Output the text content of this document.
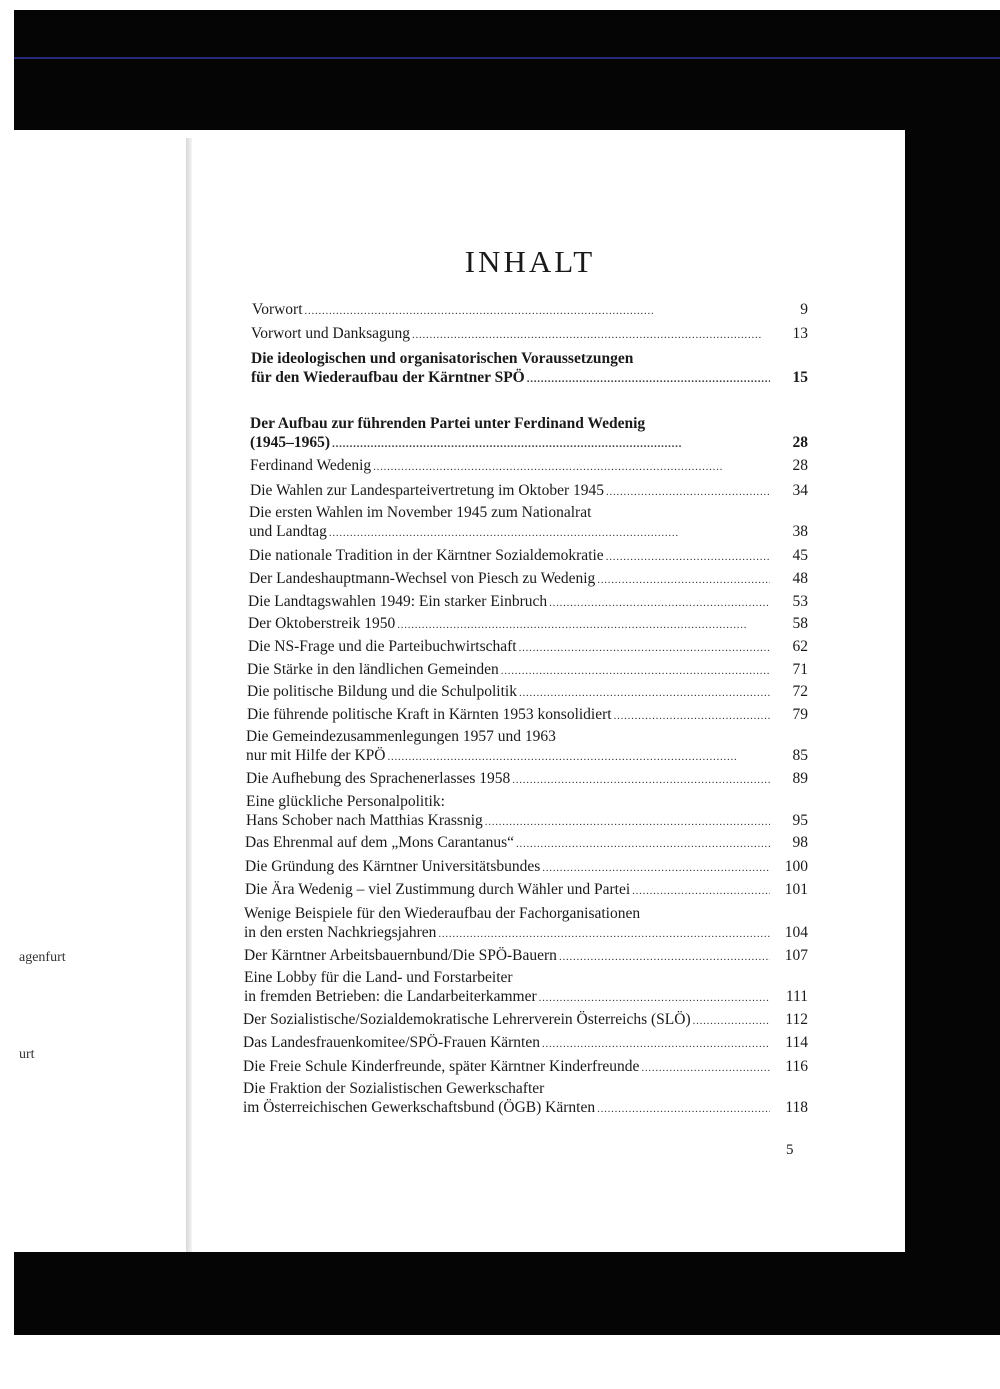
agenfurt
urt
INHALT
Vorwort . . .	9
Vorwort und Danksagung . . .	13
Die ideologischen und organisatorischen Voraussetzungen
für den Wiederaufbau der Kärntner SPÖ . . .	15
Der Aufbau zur führenden Partei unter Ferdinand Wedenig
(1945–1965) . . .	28
Ferdinand Wedenig . . .	28
Die Wahlen zur Landesparteivertretung im Oktober 1945 . . .	34
Die ersten Wahlen im November 1945 zum Nationalrat
und Landtag . . .	38
Die nationale Tradition in der Kärntner Sozialdemokratie . . .	45
Der Landeshauptmann-Wechsel von Piesch zu Wedenig . . .	48
Die Landtagswahlen 1949: Ein starker Einbruch . . .	53
Der Oktoberstreik 1950 . . .	58
Die NS-Frage und die Parteibuchwirtschaft . . .	62
Die Stärke in den ländlichen Gemeinden . . .	71
Die politische Bildung und die Schulpolitik . . .	72
Die führende politische Kraft in Kärnten 1953 konsolidiert . . .	79
Die Gemeindezusammenlegungen 1957 und 1963
nur mit Hilfe der KPÖ . . .	85
Die Aufhebung des Sprachenerlasses 1958 . . .	89
Eine glückliche Personalpolitik:
Hans Schober nach Matthias Krassnig . . .	95
Das Ehrenmal auf dem „Mons Carantanus“ . . .	98
Die Gründung des Kärntner Universitätsbundes . . .	100
Die Ära Wedenig – viel Zustimmung durch Wähler und Partei . . .	101
Wenige Beispiele für den Wiederaufbau der Fachorganisationen
in den ersten Nachkriegsjahren . . .	104
Der Kärntner Arbeitsbauernbund/Die SPÖ-Bauern . . .	107
Eine Lobby für die Land- und Forstarbeiter
in fremden Betrieben: die Landarbeiterkammer . . .	111
Der Sozialistische/Sozialdemokratische Lehrerverein Österreichs (SLÖ) . . .	112
Das Landesfrauenkomitee/SPÖ-Frauen Kärnten . . .	114
Die Freie Schule Kinderfreunde, später Kärntner Kinderfreunde . . .	116
Die Fraktion der Sozialistischen Gewerkschafter
im Österreichischen Gewerkschaftsbund (ÖGB) Kärnten . . .	118
5
